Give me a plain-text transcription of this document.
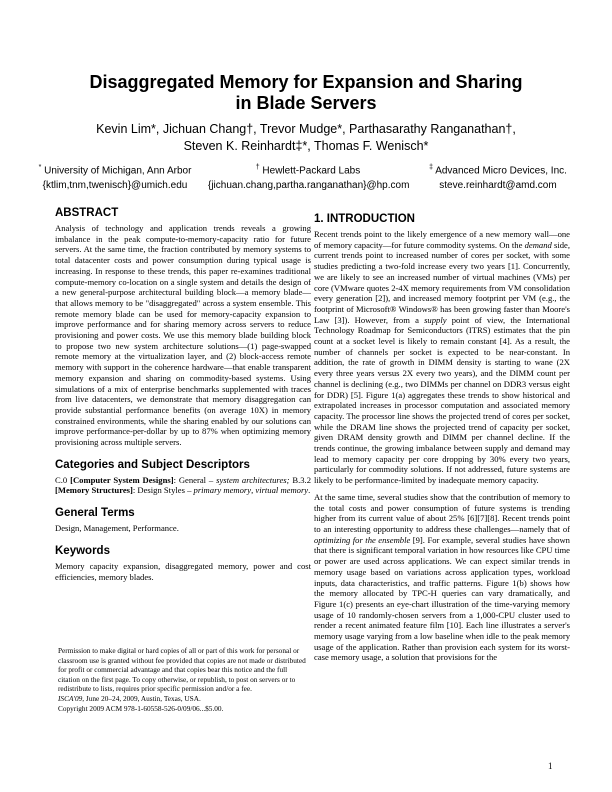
Disaggregated Memory for Expansion and Sharing
in Blade Servers
Kevin Lim*, Jichuan Chang†, Trevor Mudge*, Parthasarathy Ranganathan†,
Steven K. Reinhardt‡*, Thomas F. Wenisch*
* University of Michigan, Ann Arbor
{ktlim,tnm,twenisch}@umich.edu
† Hewlett-Packard Labs
{jichuan.chang,partha.ranganathan}@hp.com
‡ Advanced Micro Devices, Inc.
steve.reinhardt@amd.com
ABSTRACT

Analysis of technology and application trends reveals a growing imbalance in the peak compute-to-memory-capacity ratio for future servers. At the same time, the fraction contributed by memory systems to total datacenter costs and power consumption during typical usage is increasing. In response to these trends, this paper re-examines traditional compute-memory co-location on a single system and details the design of a new general-purpose architectural building block—a memory blade—that allows memory to be "disaggregated" across a system ensemble. This remote memory blade can be used for memory-capacity expansion to improve performance and for sharing memory across servers to reduce provisioning and power costs. We use this memory blade building block to propose two new system architecture solutions—(1) page-swapped remote memory at the virtualization layer, and (2) block-access remote memory with support in the coherence hardware—that enable transparent memory expansion and sharing on commodity-based systems. Using simulations of a mix of enterprise benchmarks supplemented with traces from live datacenters, we demonstrate that memory disaggregation can provide substantial performance benefits (on average 10X) in memory constrained environments, while the sharing enabled by our solutions can improve performance-per-dollar by up to 87% when optimizing memory provisioning across multiple servers.

Categories and Subject Descriptors

C.0 [Computer System Designs]: General – system architectures; B.3.2 [Memory Structures]: Design Styles – primary memory, virtual memory.

General Terms

Design, Management, Performance.

Keywords

Memory capacity expansion, disaggregated memory, power and cost efficiencies, memory blades.

Permission to make digital or hard copies of all or part of this work for personal or classroom use is granted without fee provided that copies are not made or distributed for profit or commercial advantage and that copies bear this notice and the full citation on the first page. To copy otherwise, or republish, to post on servers or to redistribute to lists, requires prior specific permission and/or a fee.

ISCA'09, June 20–24, 2009, Austin, Texas, USA.

Copyright 2009 ACM 978-1-60558-526-0/09/06...$5.00.

1. INTRODUCTION

Recent trends point to the likely emergence of a new memory wall—one of memory capacity—for future commodity systems. On the demand side, current trends point to increased number of cores per socket, with some studies predicting a two-fold increase every two years [1]. Concurrently, we are likely to see an increased number of virtual machines (VMs) per core (VMware quotes 2-4X memory requirements from VM consolidation every generation [2]), and increased memory footprint per VM (e.g., the footprint of Microsoft® Windows® has been growing faster than Moore's Law [3]). However, from a supply point of view, the International Technology Roadmap for Semiconductors (ITRS) estimates that the pin count at a socket level is likely to remain constant [4]. As a result, the number of channels per socket is expected to be near-constant. In addition, the rate of growth in DIMM density is starting to wane (2X every three years versus 2X every two years), and the DIMM count per channel is declining (e.g., two DIMMs per channel on DDR3 versus eight for DDR) [5]. Figure 1(a) aggregates these trends to show historical and extrapolated increases in processor computation and associated memory capacity. The processor line shows the projected trend of cores per socket, while the DRAM line shows the projected trend of capacity per socket, given DRAM density growth and DIMM per channel decline. If the trends continue, the growing imbalance between supply and demand may lead to memory capacity per core dropping by 30% every two years, particularly for commodity solutions. If not addressed, future systems are likely to be performance-limited by inadequate memory capacity.

At the same time, several studies show that the contribution of memory to the total costs and power consumption of future systems is trending higher from its current value of about 25% [6][7][8]. Recent trends point to an interesting opportunity to address these challenges—namely that of optimizing for the ensemble [9]. For example, several studies have shown that there is significant temporal variation in how resources like CPU time or power are used across applications. We can expect similar trends in memory usage based on variations across application types, workload inputs, data characteristics, and traffic patterns. Figure 1(b) shows how the memory allocated by TPC-H queries can vary dramatically, and Figure 1(c) presents an eye-chart illustration of the time-varying memory usage of 10 randomly-chosen servers from a 1,000-CPU cluster used to render a recent animated feature film [10]. Each line illustrates a server's memory usage varying from a low baseline when idle to the peak memory usage of the application. Rather than provision each system for its worst-case memory usage, a solution that provisions for the

1
